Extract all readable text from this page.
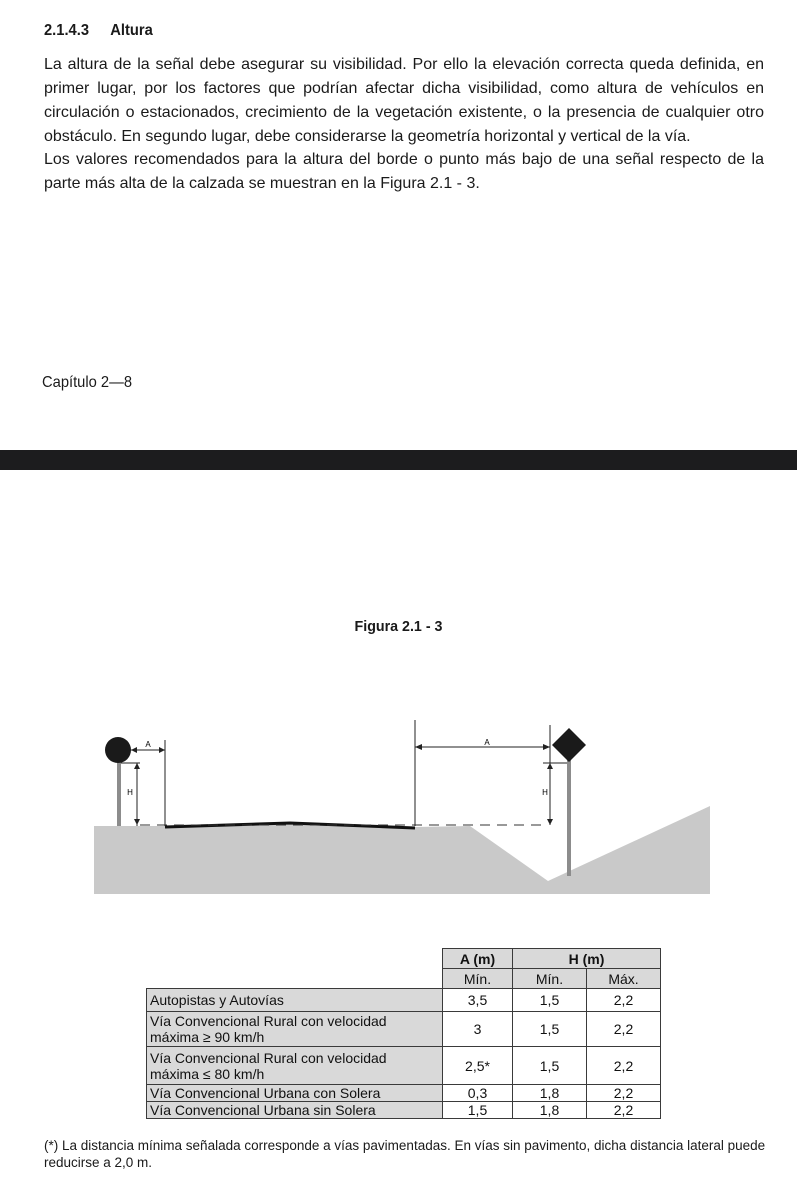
2.1.4.3 Altura

La altura de la señal debe asegurar su visibilidad. Por ello la elevación correcta queda definida, en primer lugar, por los factores que podrían afectar dicha visibilidad, como altura de vehículos en circulación o estacionados, crecimiento de la vegetación existente, o la presencia de cualquier otro obstáculo. En segundo lugar, debe considerarse la geometría horizontal y vertical de la vía.

Los valores recomendados para la altura del borde o punto más bajo de una señal respecto de la parte más alta de la calzada se muestran en la Figura 2.1 - 3.

Capítulo 2—8
Figura 2.1 - 3
A
H
A
H
	A (m)	H (m)	
	Mín.	Mín.	Máx.
Autopistas y Autovías	3,5	1,5	2,2
Vía Convencional Rural con velocidad máxima ≥ 90 km/h	3	1,5	2,2
Vía Convencional Rural con velocidad máxima ≤ 80 km/h	2,5*	1,5	2,2
Vía Convencional Urbana con Solera	0,3	1,8	2,2
Vía Convencional Urbana sin Solera	1,5	1,8	2,2

(*) La distancia mínima señalada corresponde a vías pavimentadas. En vías sin pavimento, dicha distancia lateral puede reducirse a 2,0 m.
